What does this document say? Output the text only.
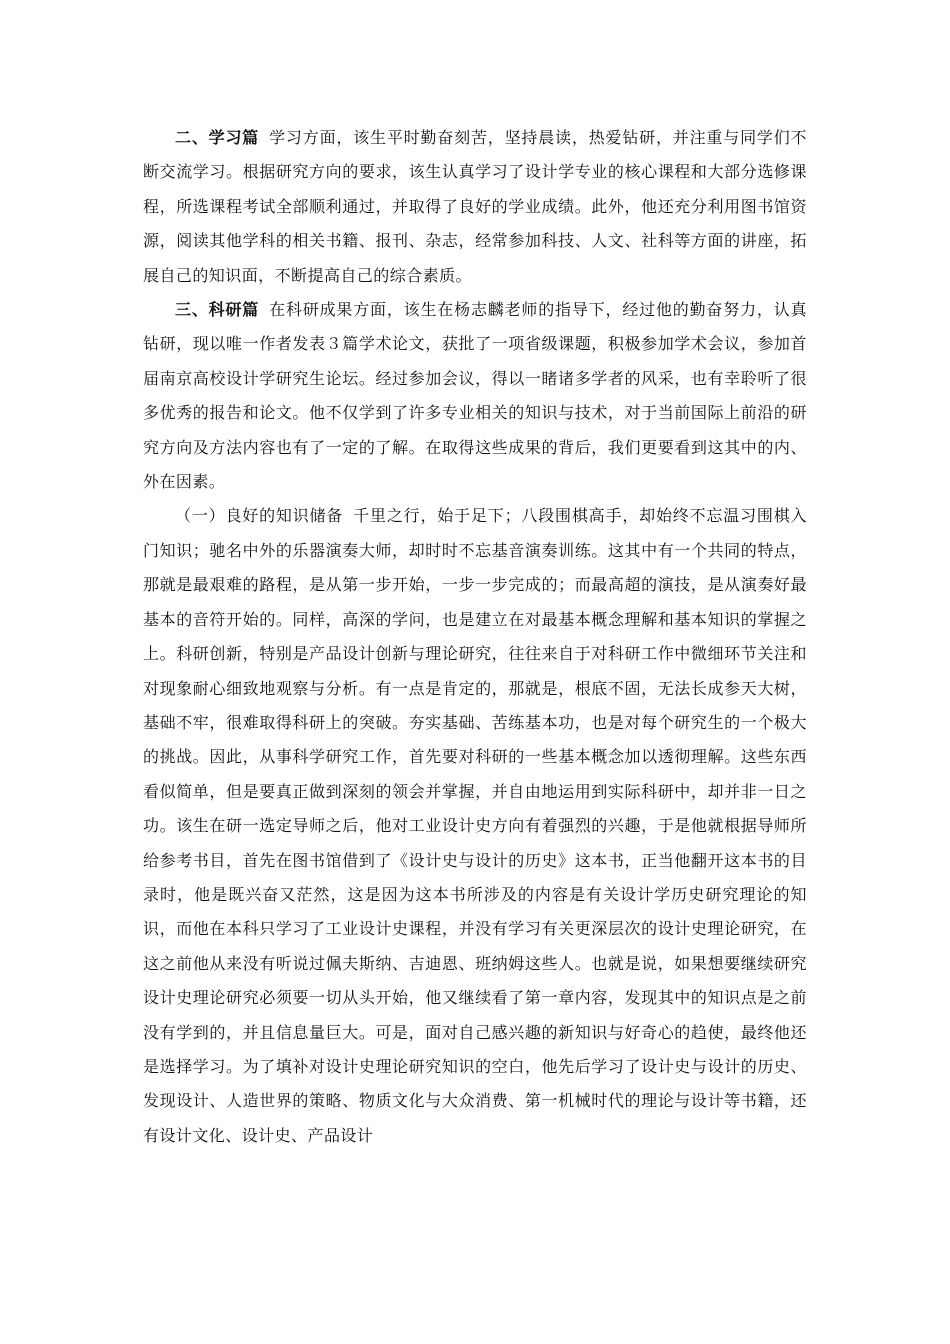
二、学习篇 学习方面，该生平时勤奋刻苦，坚持晨读，热爱钻研，并注重与同学们不断交流学习。根据研究方向的要求，该生认真学习了设计学专业的核心课程和大部分选修课程，所选课程考试全部顺利通过，并取得了良好的学业成绩。此外，他还充分利用图书馆资源，阅读其他学科的相关书籍、报刊、杂志，经常参加科技、人文、社科等方面的讲座，拓展自己的知识面，不断提高自己的综合素质。

三、科研篇 在科研成果方面，该生在杨志麟老师的指导下，经过他的勤奋努力，认真钻研，现以唯一作者发表３篇学术论文，获批了一项省级课题，积极参加学术会议，参加首届南京高校设计学研究生论坛。经过参加会议，得以一睹诸多学者的风采，也有幸聆听了很多优秀的报告和论文。他不仅学到了许多专业相关的知识与技术，对于当前国际上前沿的研究方向及方法内容也有了一定的了解。在取得这些成果的背后，我们更要看到这其中的内、外在因素。

（一）良好的知识储备 千里之行，始于足下；八段围棋高手，却始终不忘温习围棋入门知识；驰名中外的乐器演奏大师，却时时不忘基音演奏训练。这其中有一个共同的特点，那就是最艰难的路程，是从第一步开始，一步一步完成的；而最高超的演技，是从演奏好最基本的音符开始的。同样，高深的学问，也是建立在对最基本概念理解和基本知识的掌握之上。科研创新，特别是产品设计创新与理论研究，往往来自于对科研工作中微细环节关注和对现象耐心细致地观察与分析。有一点是肯定的，那就是，根底不固，无法长成参天大树，基础不牢，很难取得科研上的突破。夯实基础、苦练基本功，也是对每个研究生的一个极大的挑战。因此，从事科学研究工作，首先要对科研的一些基本概念加以透彻理解。这些东西看似简单，但是要真正做到深刻的领会并掌握，并自由地运用到实际科研中，却并非一日之功。该生在研一选定导师之后，他对工业设计史方向有着强烈的兴趣，于是他就根据导师所给参考书目，首先在图书馆借到了《设计史与设计的历史》这本书，正当他翻开这本书的目录时，他是既兴奋又茫然，这是因为这本书所涉及的内容是有关设计学历史研究理论的知识，而他在本科只学习了工业设计史课程，并没有学习有关更深层次的设计史理论研究，在这之前他从来没有听说过佩夫斯纳、吉迪恩、班纳姆这些人。也就是说，如果想要继续研究设计史理论研究必须要一切从头开始，他又继续看了第一章内容，发现其中的知识点是之前没有学到的，并且信息量巨大。可是，面对自己感兴趣的新知识与好奇心的趋使，最终他还是选择学习。为了填补对设计史理论研究知识的空白，他先后学习了设计史与设计的历史、发现设计、人造世界的策略、物质文化与大众消费、第一机械时代的理论与设计等书籍，还有设计文化、设计史、产品设计
